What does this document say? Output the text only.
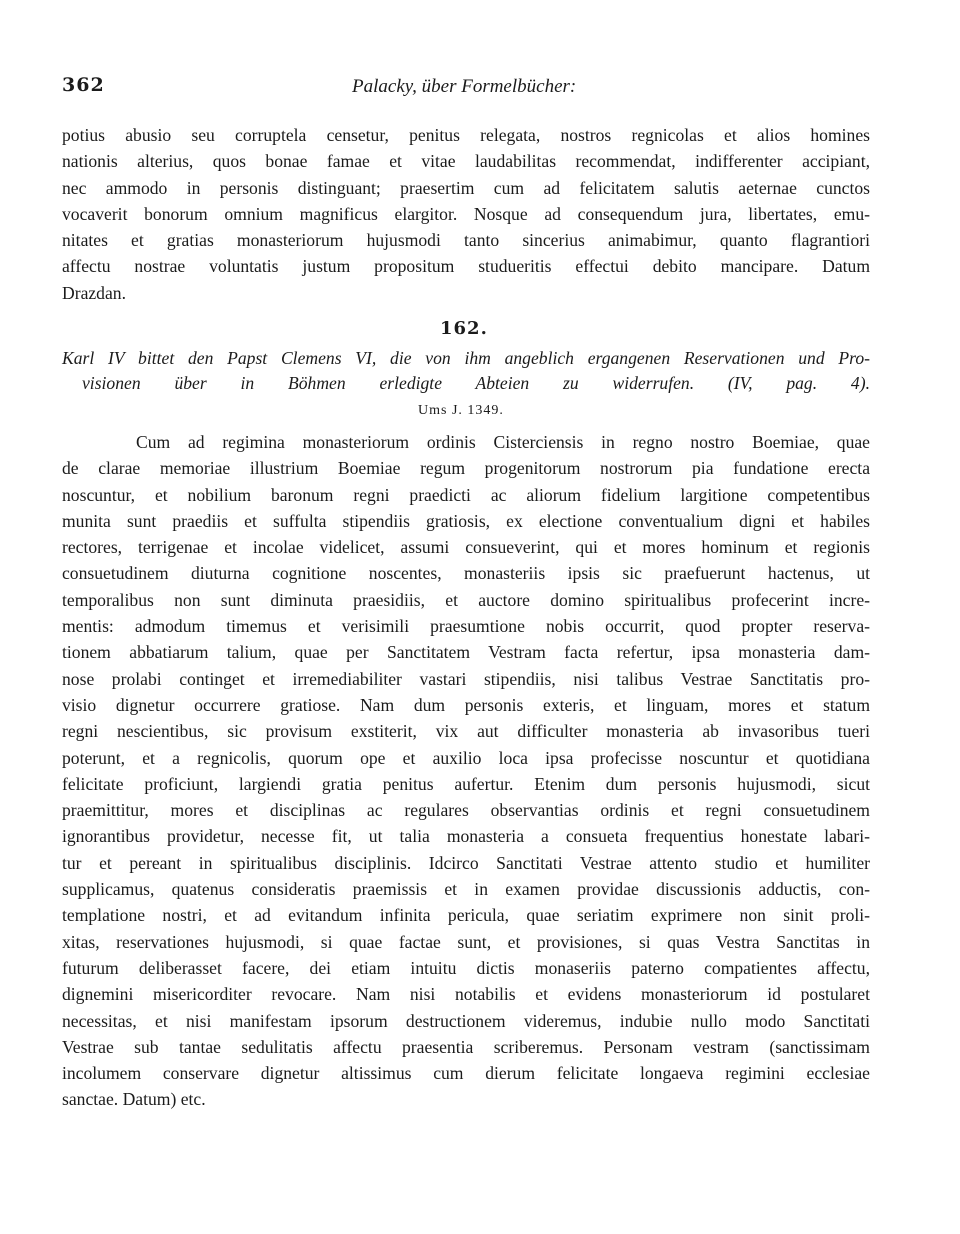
362	Palacky, über Formelbücher:
potius abusio seu corruptela censetur, penitus relegata, nostros regnicolas et alios homines
nationis alterius, quos bonae famae et vitae laudabilitas recommendat, indifferenter accipiant,
nec ammodo in personis distinguant; praesertim cum ad felicitatem salutis aeternae cunctos
vocaverit bonorum omnium magnificus elargitor. Nosque ad consequendum jura, libertates, emu-
nitates et gratias monasteriorum hujusmodi tanto sincerius animabimur, quanto flagrantiori
affectu nostrae voluntatis justum propositum studueritis effectui debito mancipare. Datum
Drazdan.
162.
Karl IV bittet den Papst Clemens VI, die von ihm angeblich ergangenen Reservationen und Pro-
visionen über in Böhmen erledigte Abteien zu widerrufen. (IV, pag. 4).
Ums J. 1349.
Cum ad regimina monasteriorum ordinis Cisterciensis in regno nostro Boemiae, quae
de clarae memoriae illustrium Boemiae regum progenitorum nostrorum pia fundatione erecta
noscuntur, et nobilium baronum regni praedicti ac aliorum fidelium largitione competentibus
munita sunt praediis et suffulta stipendiis gratiosis, ex electione conventualium digni et habiles
rectores, terrigenae et incolae videlicet, assumi consueverint, qui et mores hominum et regionis
consuetudinem diuturna cognitione noscentes, monasteriis ipsis sic praefuerunt hactenus, ut
temporalibus non sunt diminuta praesidiis, et auctore domino spiritualibus profecerint incre-
mentis: admodum timemus et verisimili praesumtione nobis occurrit, quod propter reserva-
tionem abbatiarum talium, quae per Sanctitatem Vestram facta refertur, ipsa monasteria dam-
nose prolabi continget et irremediabiliter vastari stipendiis, nisi talibus Vestrae Sanctitatis pro-
visio dignetur occurrere gratiose. Nam dum personis exteris, et linguam, mores et statum
regni nescientibus, sic provisum exstiterit, vix aut difficulter monasteria ab invasoribus tueri
poterunt, et a regnicolis, quorum ope et auxilio loca ipsa profecisse noscuntur et quotidiana
felicitate proficiunt, largiendi gratia penitus aufertur. Etenim dum personis hujusmodi, sicut
praemittitur, mores et disciplinas ac regulares observantias ordinis et regni consuetudinem
ignorantibus providetur, necesse fit, ut talia monasteria a consueta frequentius honestate labari-
tur et pereant in spiritualibus disciplinis. Idcirco Sanctitati Vestrae attento studio et humiliter
supplicamus, quatenus consideratis praemissis et in examen providae discussionis adductis, con-
templatione nostri, et ad evitandum infinita pericula, quae seriatim exprimere non sinit proli-
xitas, reservationes hujusmodi, si quae factae sunt, et provisiones, si quas Vestra Sanctitas in
futurum deliberasset facere, dei etiam intuitu dictis monaseriis paterno compatientes affectu,
dignemini misericorditer revocare. Nam nisi notabilis et evidens monasteriorum id postularet
necessitas, et nisi manifestam ipsorum destructionem videremus, indubie nullo modo Sanctitati
Vestrae sub tantae sedulitatis affectu praesentia scriberemus. Personam vestram (sanctissimam
incolumem conservare dignetur altissimus cum dierum felicitate longaeva regimini ecclesiae
sanctae. Datum) etc.
